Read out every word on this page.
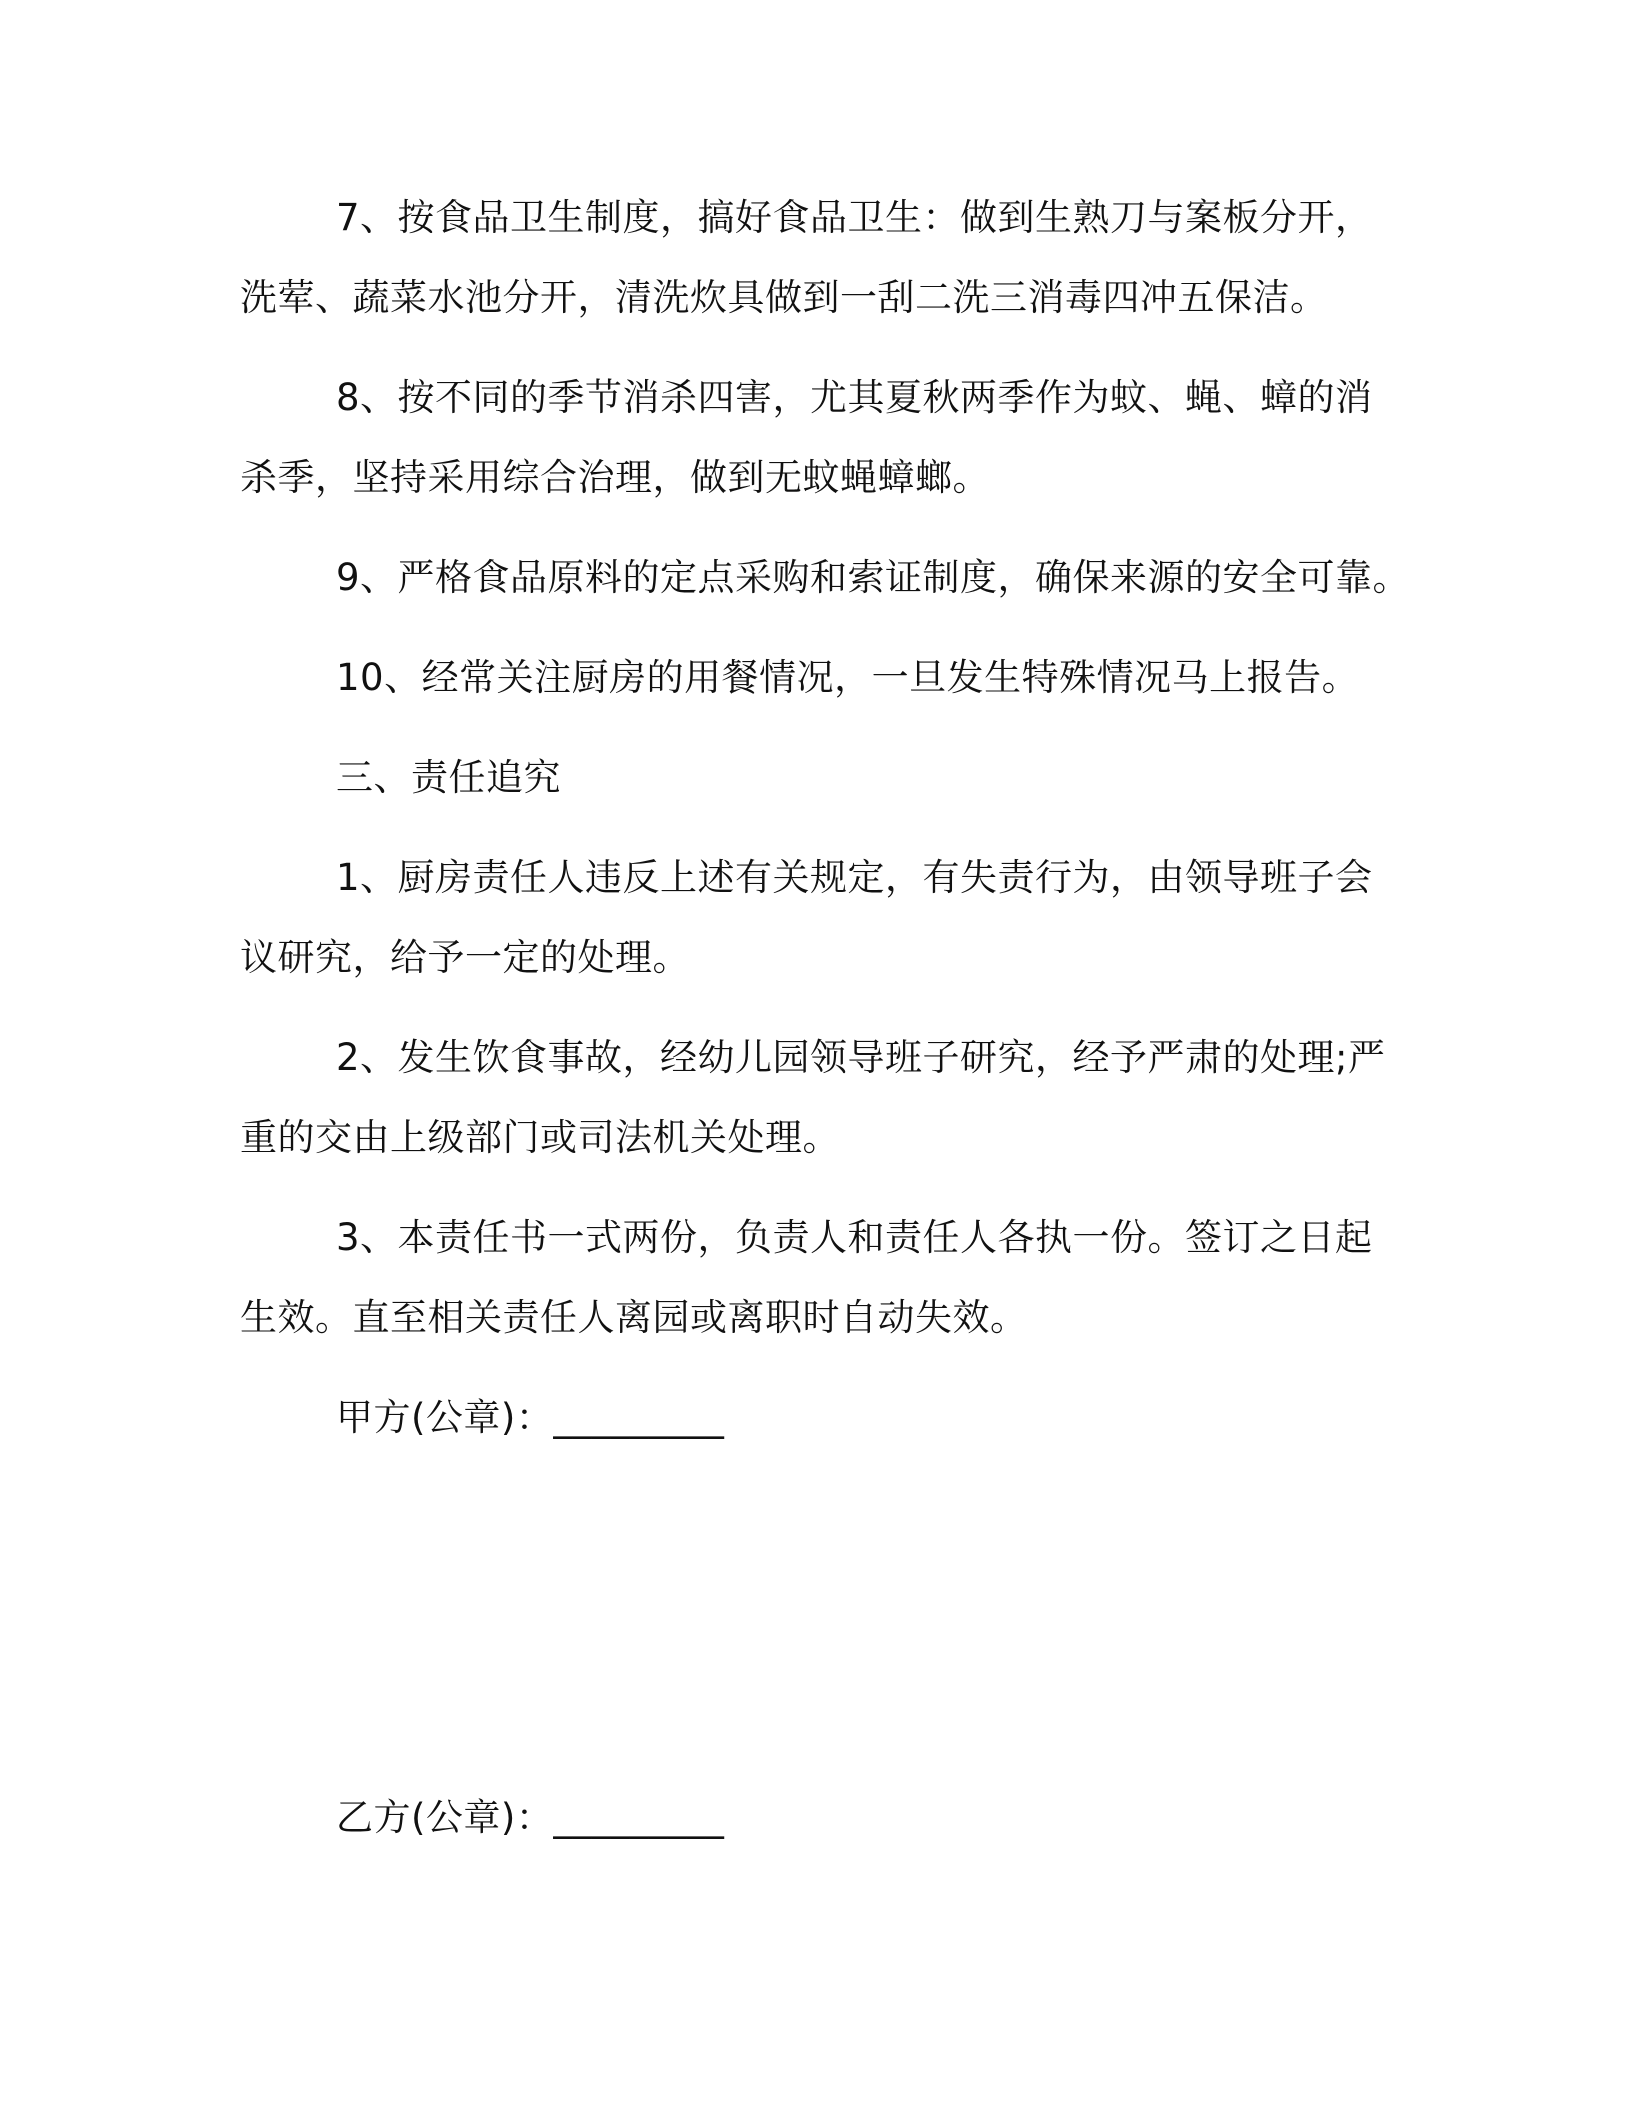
7、按食品卫生制度，搞好食品卫生：做到生熟刀与案板分开，洗荤、蔬菜水池分开，清洗炊具做到一刮二洗三消毒四冲五保洁。

8、按不同的季节消杀四害，尤其夏秋两季作为蚊、蝇、蟑的消杀季，坚持采用综合治理，做到无蚊蝇蟑螂。

9、严格食品原料的定点采购和索证制度，确保来源的安全可靠。

10、经常关注厨房的用餐情况，一旦发生特殊情况马上报告。

三、责任追究

1、厨房责任人违反上述有关规定，有失责行为，由领导班子会议研究，给予一定的处理。

2、发生饮食事故，经幼儿园领导班子研究，经予严肃的处理;严重的交由上级部门或司法机关处理。

3、本责任书一式两份，负责人和责任人各执一份。签订之日起生效。直至相关责任人离园或离职时自动失效。

甲方(公章)：_________
乙方(公章)：_________
